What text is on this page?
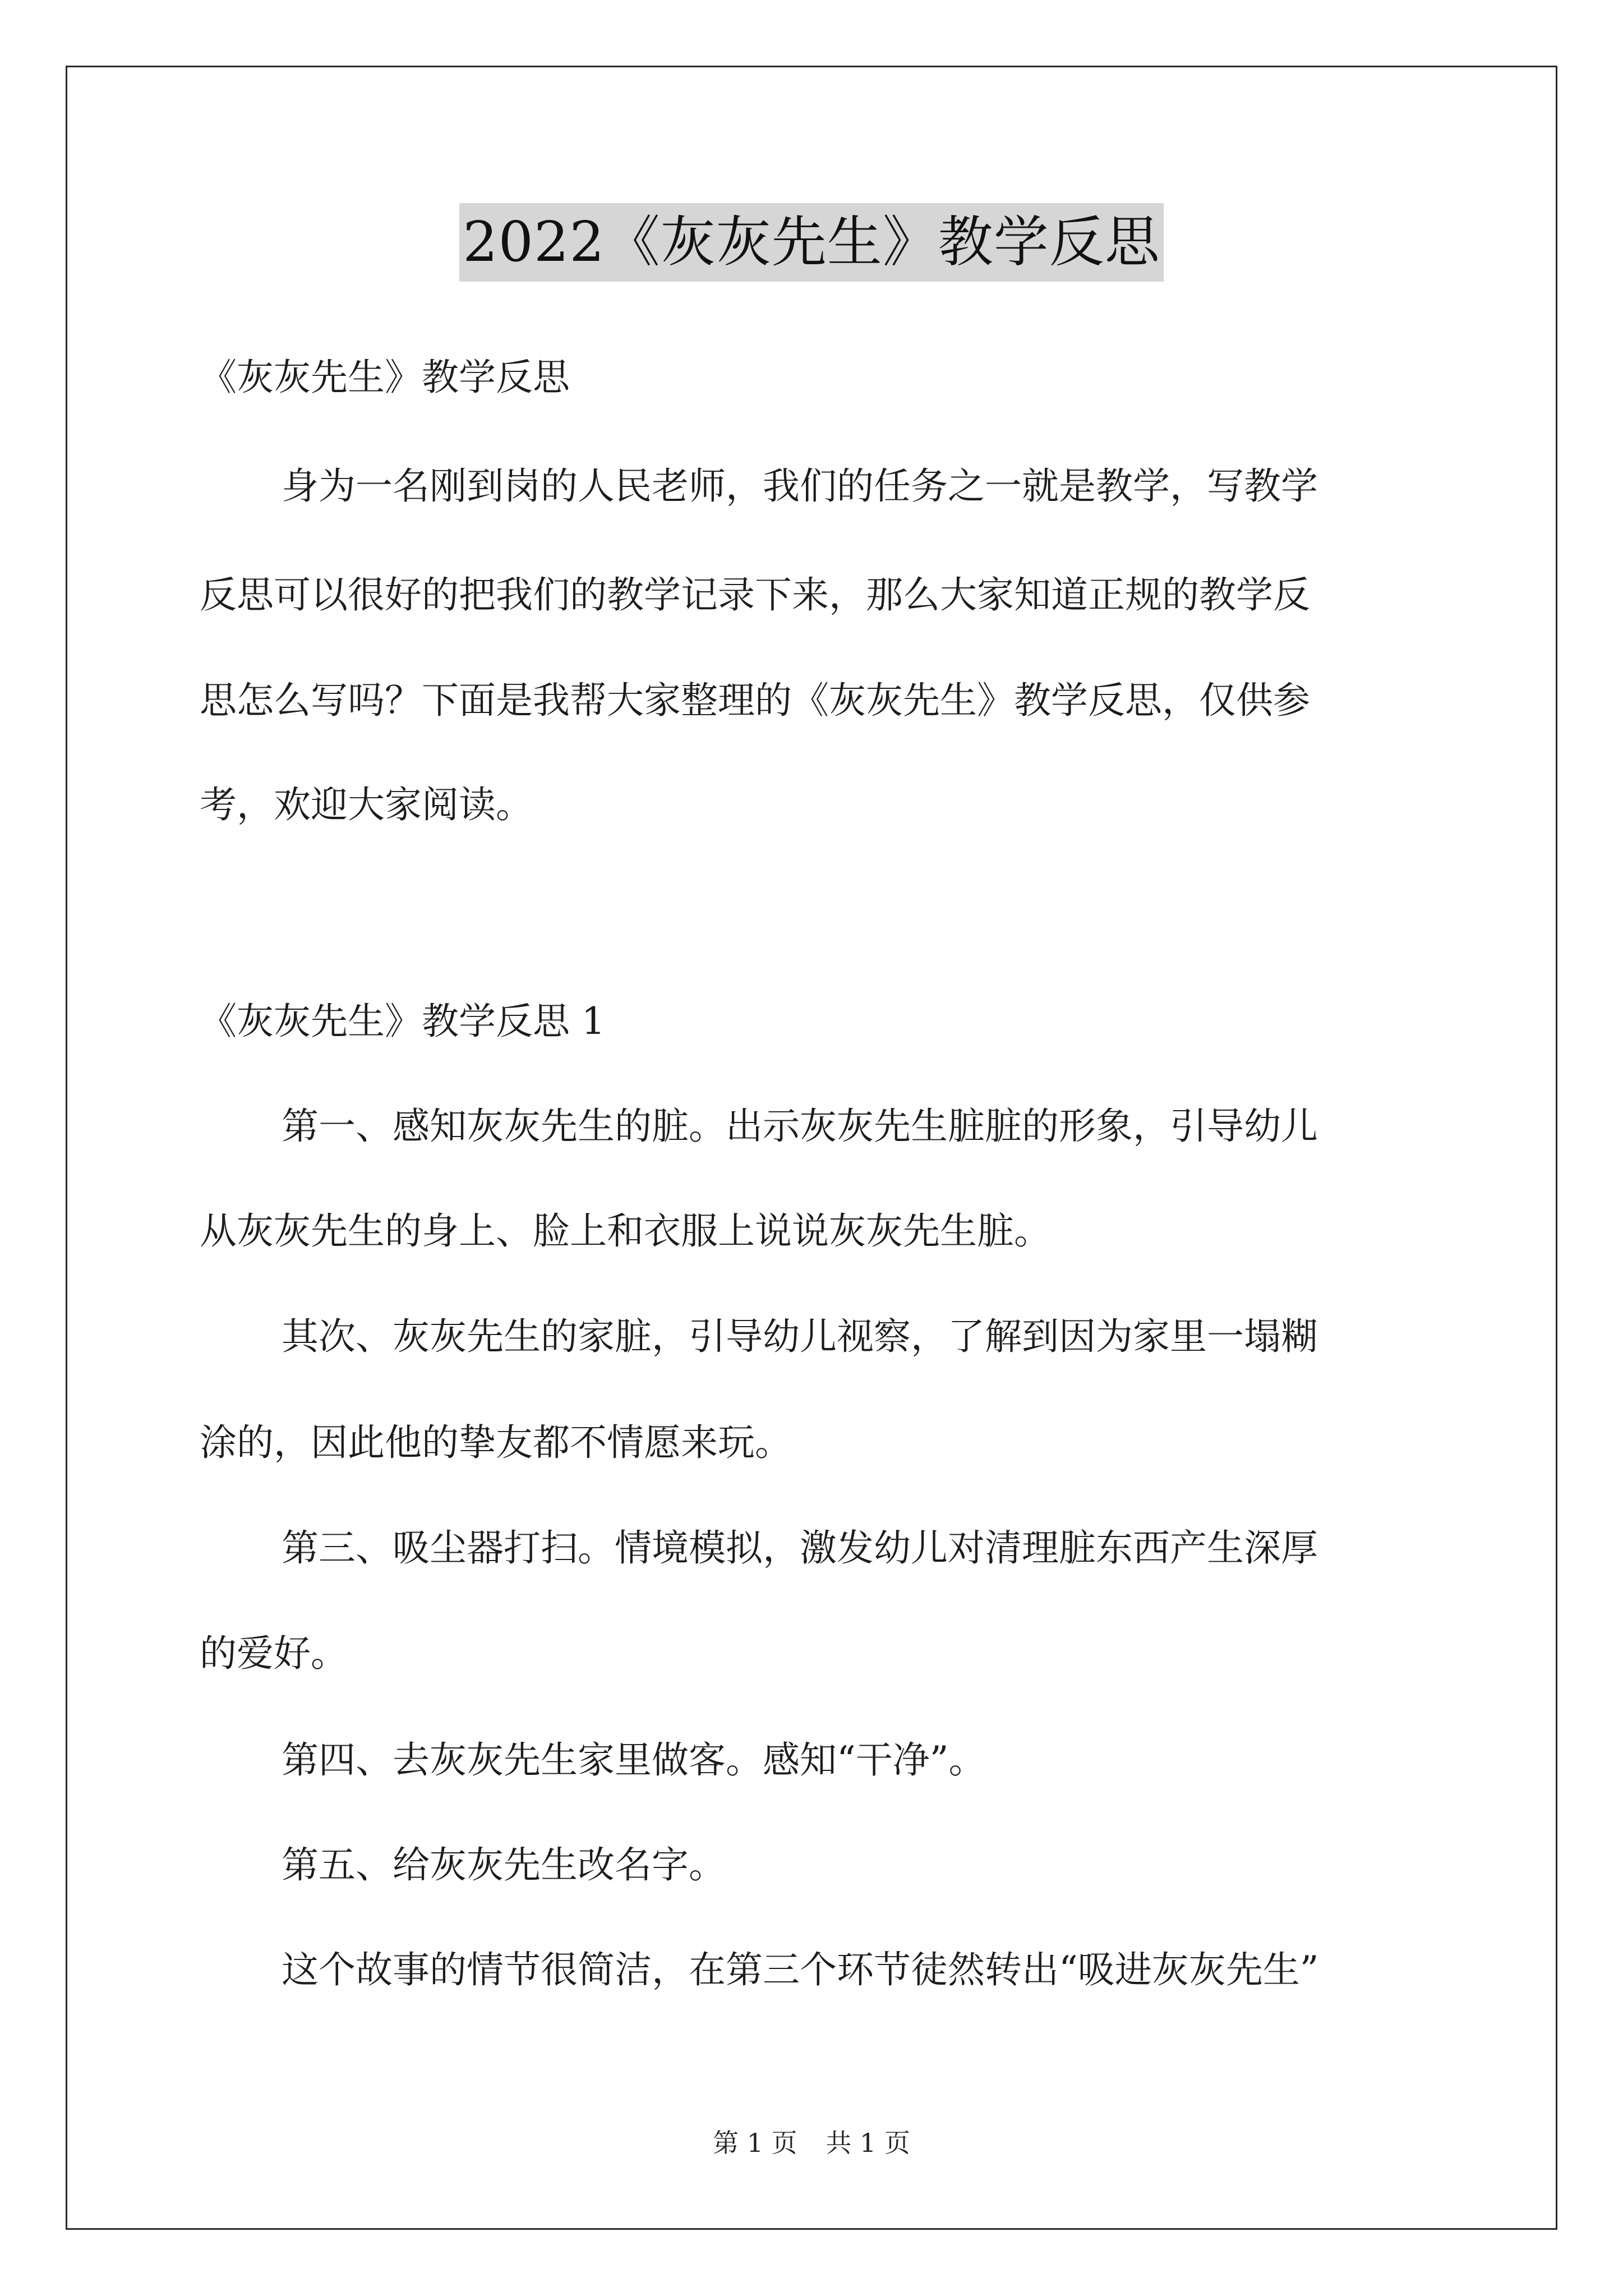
2022《灰灰先生》教学反思
《灰灰先生》教学反思
身为一名刚到岗的人民老师，我们的任务之一就是教学，写教学
反思可以很好的把我们的教学记录下来，那么大家知道正规的教学反
思怎么写吗？下面是我帮大家整理的《灰灰先生》教学反思，仅供参
考，欢迎大家阅读。
《灰灰先生》教学反思 1
第一、感知灰灰先生的脏。出示灰灰先生脏脏的形象，引导幼儿
从灰灰先生的身上、脸上和衣服上说说灰灰先生脏。
其次、灰灰先生的家脏，引导幼儿视察，了解到因为家里一塌糊
涂的，因此他的挚友都不情愿来玩。
第三、吸尘器打扫。情境模拟，激发幼儿对清理脏东西产生深厚
的爱好。
第四、去灰灰先生家里做客。感知“干净”。
第五、给灰灰先生改名字。
这个故事的情节很简洁，在第三个环节徒然转出“吸进灰灰先生”
第 1 页 共 1 页
